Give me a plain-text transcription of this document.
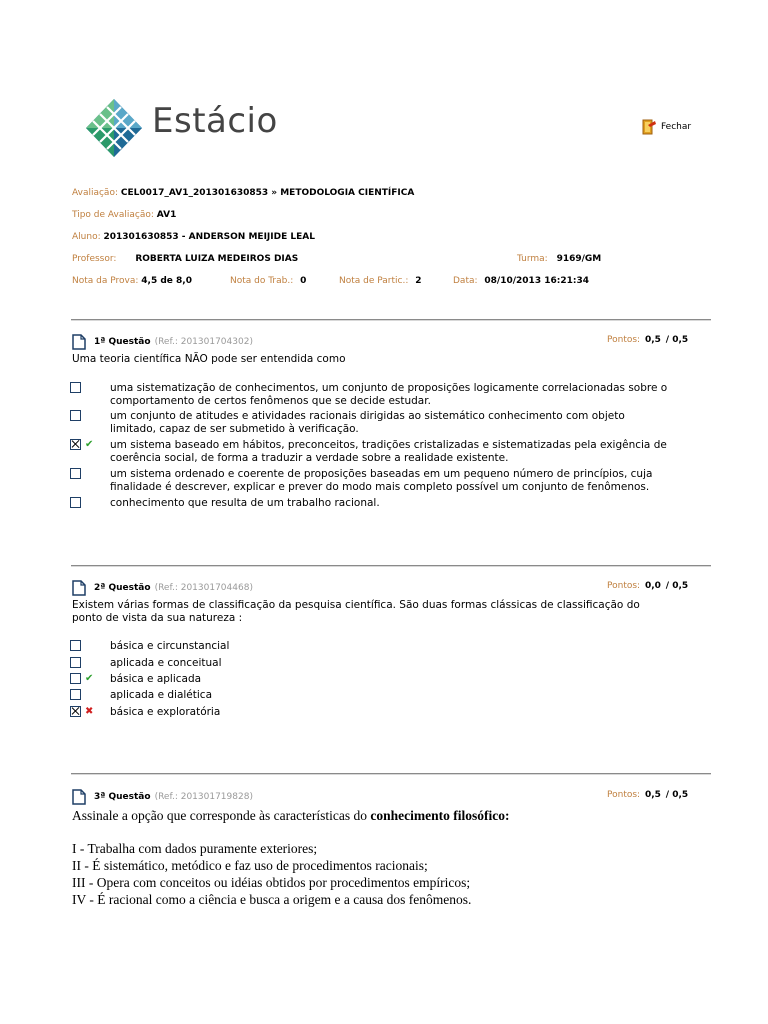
Estácio	Fechar
Avaliação: CEL0017_AV1_201301630853 » METODOLOGIA CIENTÍFICA
Tipo de Avaliação: AV1
Aluno: 201301630853 - ANDERSON MEIJIDE LEAL
Professor: ROBERTA LUIZA MEDEIROS DIAS	Turma: 9169/GM
Nota da Prova: 4,5 de 8,0	Nota do Trab.: 0	Nota de Partic.: 2	Data: 08/10/2013 16:21:34
1ª Questão (Ref.: 201301704302)	Pontos: 0,5 / 0,5
Uma teoria científica NÃO pode ser entendida como
uma sistematização de conhecimentos, um conjunto de proposições logicamente correlacionadas sobre o
comportamento de certos fenômenos que se decide estudar.
um conjunto de atitudes e atividades racionais dirigidas ao sistemático conhecimento com objeto
limitado, capaz de ser submetido à verificação.
✔ um sistema baseado em hábitos, preconceitos, tradições cristalizadas e sistematizadas pela exigência de
coerência social, de forma a traduzir a verdade sobre a realidade existente.
um sistema ordenado e coerente de proposições baseadas em um pequeno número de princípios, cuja
finalidade é descrever, explicar e prever do modo mais completo possível um conjunto de fenômenos.
conhecimento que resulta de um trabalho racional.
2ª Questão (Ref.: 201301704468)	Pontos: 0,0 / 0,5
Existem várias formas de classificação da pesquisa científica. São duas formas clássicas de classificação do
ponto de vista da sua natureza :
básica e circunstancial
aplicada e conceitual
✔ básica e aplicada
aplicada e dialética
✖ básica e exploratória
3ª Questão (Ref.: 201301719828)	Pontos: 0,5 / 0,5
Assinale a opção que corresponde às características do conhecimento filosófico:
I - Trabalha com dados puramente exteriores;
II - É sistemático, metódico e faz uso de procedimentos racionais;
III - Opera com conceitos ou idéias obtidos por procedimentos empíricos;
IV - É racional como a ciência e busca a origem e a causa dos fenômenos.
